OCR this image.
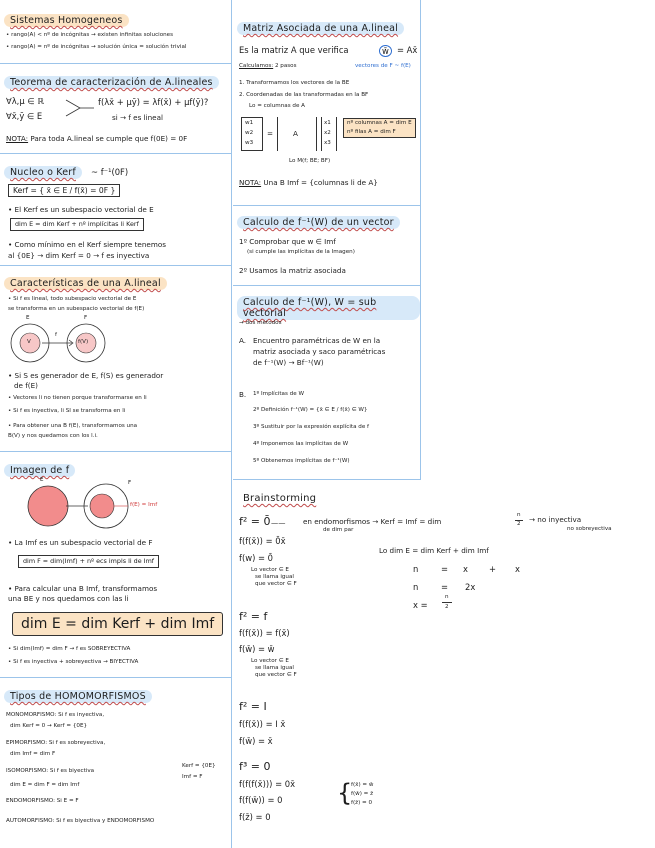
Sistemas Homogeneos
• rango(A) < nº de incógnitas → existen infinitas soluciones
• rango(A) = nº de incógnitas → solución única = solución trivial
Teorema de caracterización de A.lineales
∀λ,μ ∈ ℝ
∀x̄,ȳ ∈ E
f(λx̄ + μȳ) = λf(x̄) + μf(ȳ)?
si → f es lineal
NOTA: Para toda A.lineal se cumple que f(0E) = 0F
Nucleo o Kerf ~ f⁻¹(0F)
Kerf = { x̄ ∈ E / f(x̄) = 0F }
• El Kerf es un subespacio vectorial de E
dim E = dim Kerf + nº implícitas li Kerf
• Como mínimo en el Kerf siempre tenemos
al {0E} → dim Kerf = 0 → f es inyectiva
Características de una A.lineal
• Si f es lineal, todo subespacio vectorial de E
se transforma en un subespacio vectorial de f(E)
V	f(V)
E
f
F
• Si S es generador de E, f(S) es generador
de f(E)
• Vectores li no tienen porque transformarse en li
• Si f es inyectiva, li SI se transforma en li
• Para obtener una B f(E), transformamos una
B(V) y nos quedamos con los l.i.
Imagen de f
E	F
f(E) = Imf
• La Imf es un subespacio vectorial de F
dim F = dim(Imf) + nº ecs impls li de Imf
• Para calcular una B Imf, transformamos
una BE y nos quedamos con las li
dim E = dim Kerf + dim Imf
• Si dim(Imf) = dim F → f es SOBREYECTIVA
• Si f es inyectiva + sobreyectiva → BIYECTIVA
Tipos de HOMOMORFISMOS
MONOMORFISMO: Si f es inyectiva,
dim Kerf = 0 → Kerf = {0E}
EPIMORFISMO: Si f es sobreyectiva,
dim Imf = dim F
ISOMORFISMO: Si f es biyectiva
Kerf = {0E}
Imf = F
dim E = dim F = dim Imf
ENDOMORFISMO: Si E = F
AUTOMORFISMO: Si f es biyectiva y ENDOMORFISMO
Matriz Asociada de una A.lineal
Es la matriz A que verifica	w̄ = Ax̄
Calculamos: 2 pasos	vectores de F ~ f(E)
1. Transformamos los vectores de la BE
2. Coordenadas de las transformadas en la BF
Lo = columnas de A
w1
w2
w3
=	A
x1
x2
x3
nº columnas A = dim E
nº filas A = dim F
Lo M(f; BE; BF)
NOTA: Una B Imf = {columnas li de A}
Calculo de f⁻¹(W) de un vector
1º Comprobar que w ∈ Imf
(si cumple las implícitas de la Imagen)
2º Usamos la matriz asociada
Calculo de f⁻¹(W), W = sub vectorial
→ dos métodos
A. Encuentro paramétricas de W en la
matriz asociada y saco paramétricas
de f⁻¹(W) → Bf⁻¹(W)
B. 1º Implícitas de W
2º Definición f⁻¹(W) = {x̄ ∈ E / f(x̄) ∈ W}
3º Sustituir por la expresión explícita de f
4º Imponemos las implícitas de W
5º Obtenemos implícitas de f⁻¹(W)
Brainstorming
f² = 0̄ —— en endomorfismos → Kerf = Imf = dim
n
2 → no inyectiva
no sobreyectiva
de dim par
f(f(x̄)) = 0̄x̄
f(w) = 0̄
Lo vector ∈ E
se llama igual
que vector ∈ F
Lo dim E = dim Kerf + dim Imf
n	= x	+ x
n	= 2x
x =
n
2
f² = f
f(f(x̄)) = f(x̄)
f(w̄) = w̄
Lo vector ∈ E
se llama igual
que vector ∈ F
f² = I
f(f(x̄)) = I x̄
f(w̄) = x̄
f³ = 0
f(f(f(x̄))) = 0x̄
f(f(w̄)) = 0
f(z̄) = 0
{
f(x̄) = w̄
f(w̄) = z̄
f(z̄) = 0
